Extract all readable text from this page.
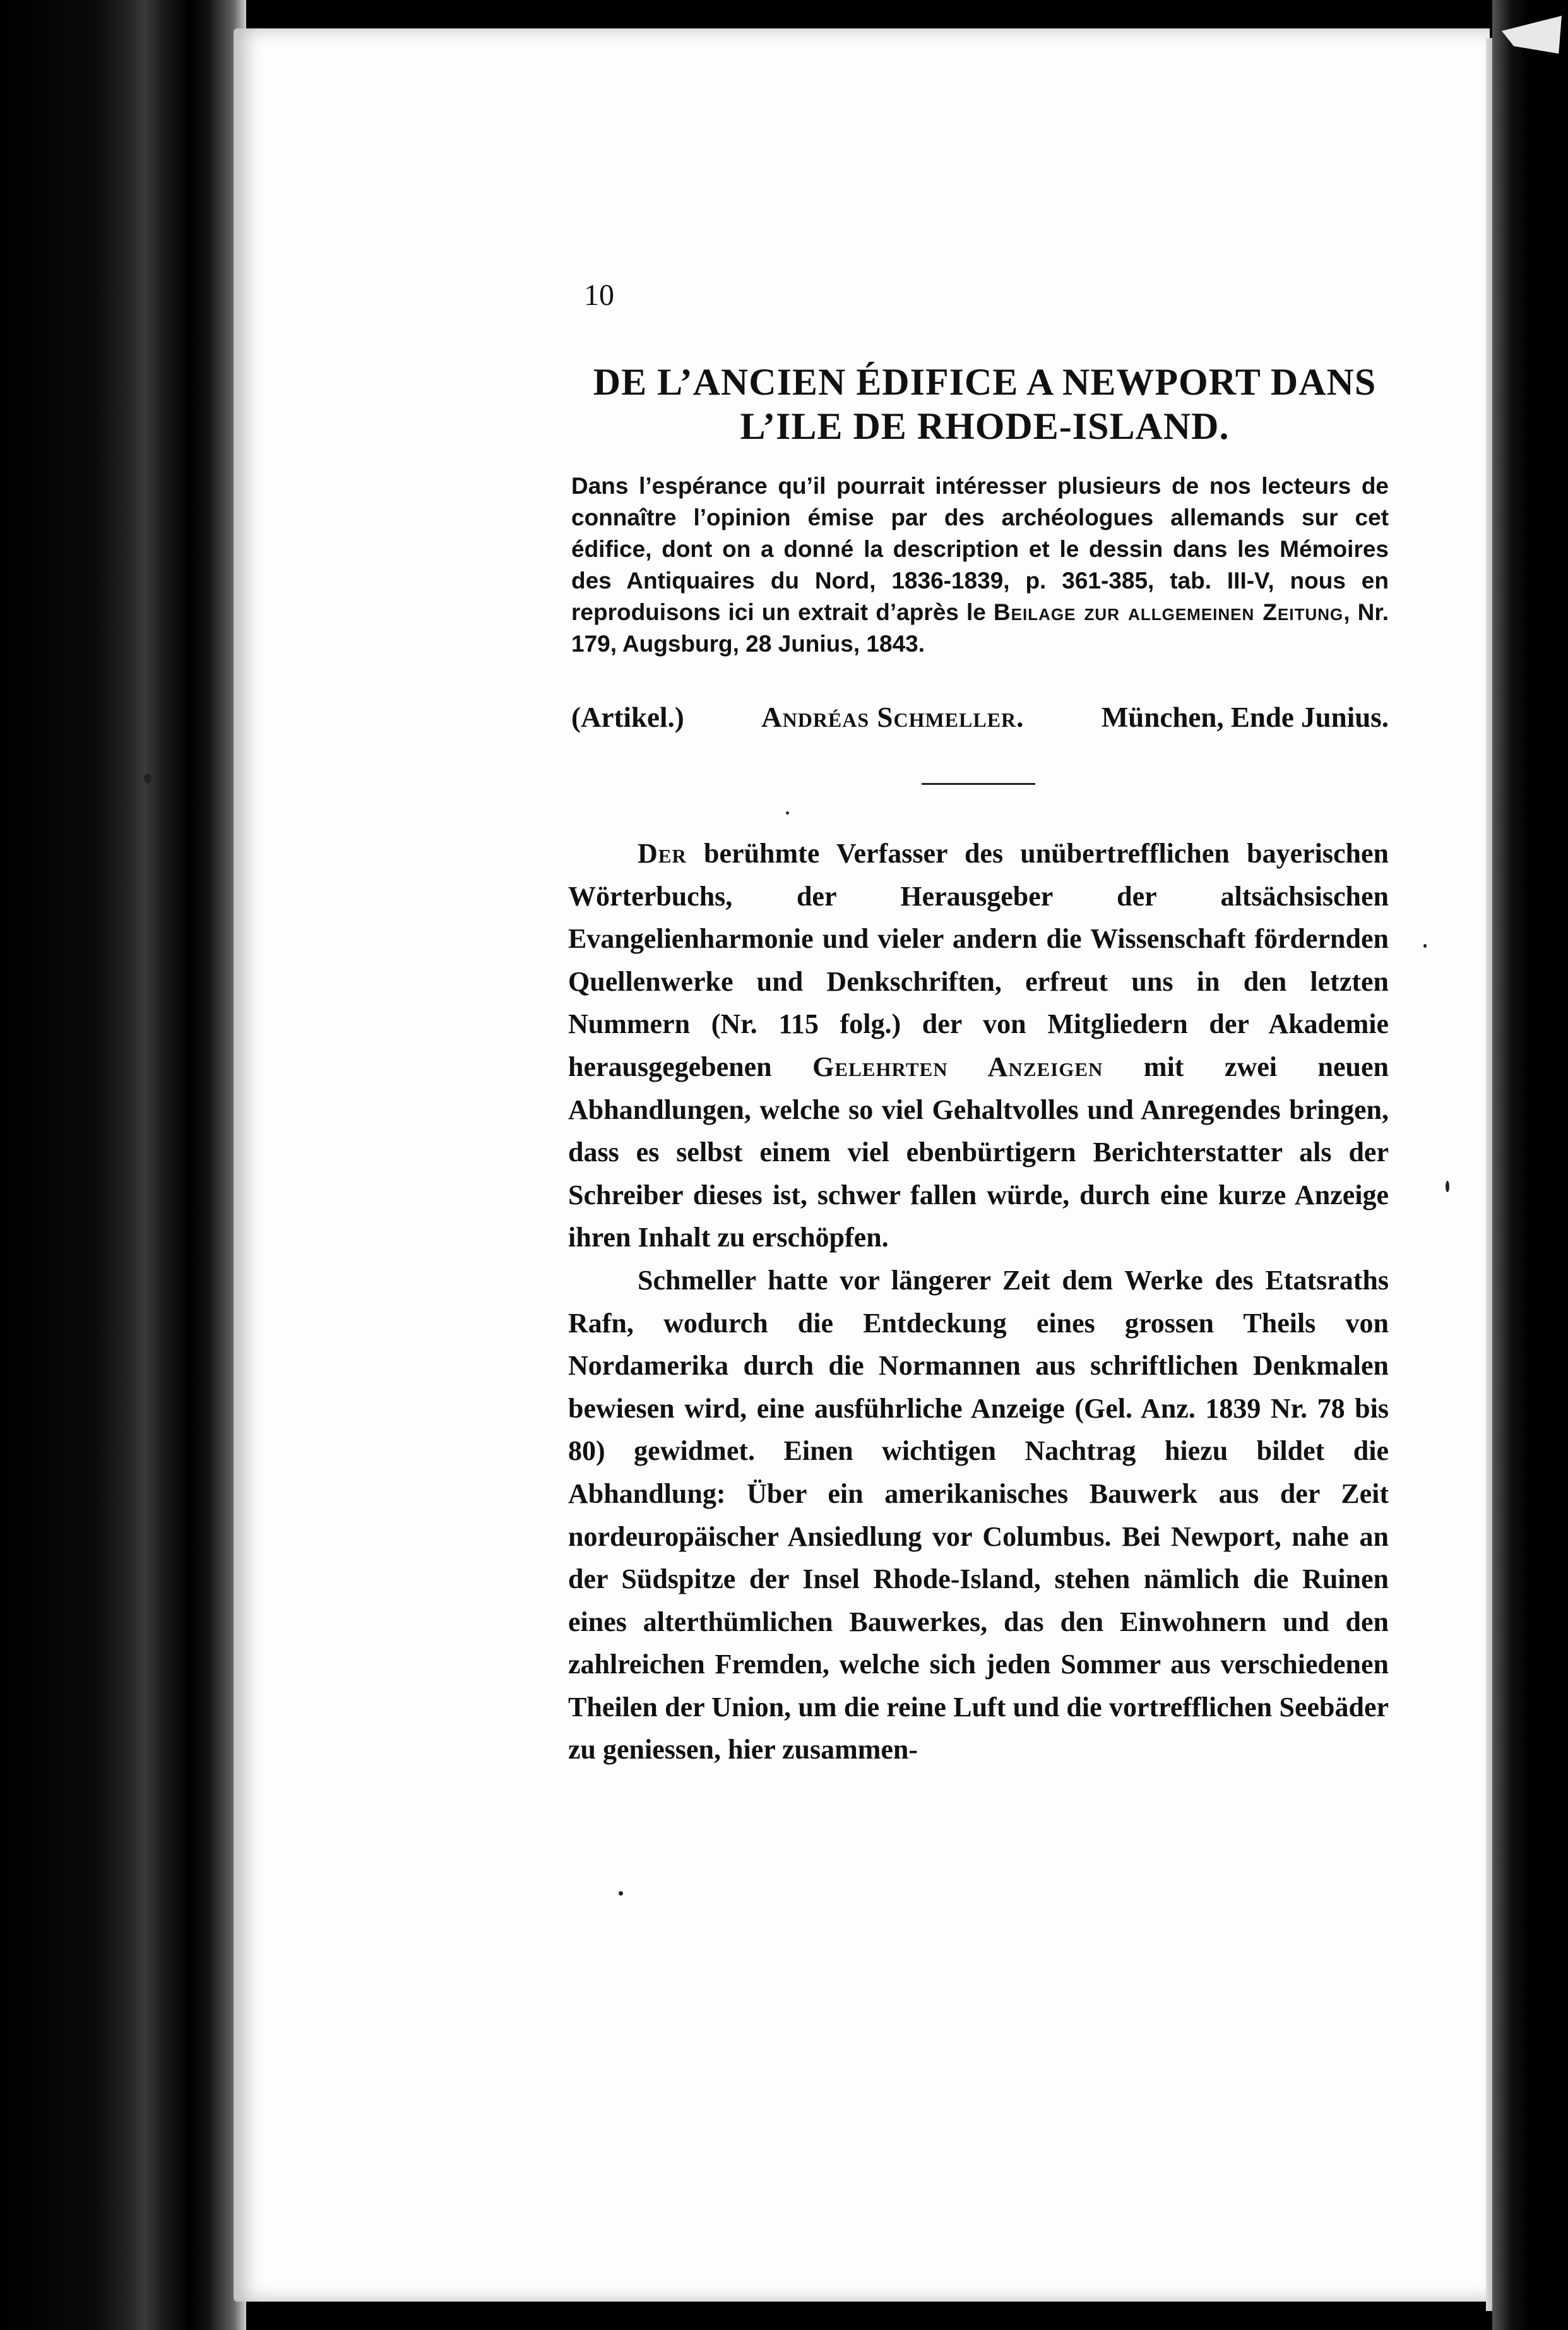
10
DE L’ANCIEN ÉDIFICE A NEWPORT DANS
L’ILE DE RHODE-ISLAND.
Dans l’espérance qu’il pourrait intéresser plusieurs de nos lecteurs de connaître l’opinion émise par des archéologues allemands sur cet édifice, dont on a donné la description et le dessin dans les Mémoires des Antiquaires du Nord, 1836-1839, p. 361-385, tab. III-V, nous en reproduisons ici un extrait d’après le Beilage zur allgemeinen Zeitung, Nr. 179, Augsburg, 28 Junius, 1843.
(Artikel.)	Andréas Schmeller.	München, Ende Junius.

Der berühmte Verfasser des unübertrefflichen bayerischen Wörterbuchs, der Herausgeber der altsächsischen Evangelienharmonie und vieler andern die Wissenschaft fördernden Quellenwerke und Denkschriften, erfreut uns in den letzten Nummern (Nr. 115 folg.) der von Mitgliedern der Akademie herausgegebenen Gelehrten Anzeigen mit zwei neuen Abhandlungen, welche so viel Gehaltvolles und Anregendes bringen, dass es selbst einem viel ebenbürtigern Berichterstatter als der Schreiber dieses ist, schwer fallen würde, durch eine kurze Anzeige ihren Inhalt zu erschöpfen.

Schmeller hatte vor längerer Zeit dem Werke des Etatsraths Rafn, wodurch die Entdeckung eines grossen Theils von Nordamerika durch die Normannen aus schriftlichen Denkmalen bewiesen wird, eine ausführliche Anzeige (Gel. Anz. 1839 Nr. 78 bis 80) gewidmet. Einen wichtigen Nachtrag hiezu bildet die Abhandlung: Über ein amerikanisches Bauwerk aus der Zeit nordeuropäischer Ansiedlung vor Columbus. Bei Newport, nahe an der Südspitze der Insel Rhode-Island, stehen nämlich die Ruinen eines alterthümlichen Bauwerkes, das den Einwohnern und den zahlreichen Fremden, welche sich jeden Sommer aus verschiedenen Theilen der Union, um die reine Luft und die vortrefflichen Seebäder zu geniessen, hier zusammen-
